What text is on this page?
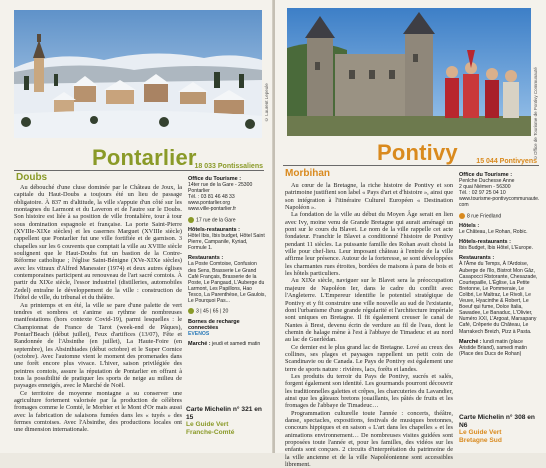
© Laurent Lepeule
Pontarlier
Doubs
18 033 Pontissaliens

Au débouché d'une cluse dominée par le Château de Joux, la capitale du Haut-Doubs a toujours été un lieu de passage obligatoire. À 837 m d'altitude, la ville s'appuie d'un côté sur les montagnes du Larmont et du Laveron et de l'autre sur le Doubs. Son histoire est liée à sa position de ville frontalière, tour à tour sous domination espagnole et française. La porte Saint-Pierre (XVIIIe-XIXe siècles) et les casernes Marguet (XVIIIe siècle) rappellent que Pontarlier fut une ville fortifiée et de garnison. 3 chapelles sur les 6 couvents que comptait la ville au XVIIIe siècle soulignent que le Haut-Doubs fut un bastion de la Contre-Réforme catholique ; l'église Saint-Bénigne (XVe-XIXe siècles) avec les vitraux d'Alfred Manessier (1974) et deux autres églises contemporaines participent au renouveau de l'art sacré comtois. À partir du XIXe siècle, l'essor industriel (distilleries, automobiles Zedel) entraîne le développement de la ville : construction de l'hôtel de ville, du tribunal et du théâtre.

Au printemps et en été, la ville se pare d'une palette de vert tendres et sombres et s'anime au rythme de nombreuses manifestations (hors contexte Covid-19), parmi lesquelles : le Championnat de France de Tarot (week-end de Pâques), Pontarl'Beach (début juillet), Feux d'artifices (13/07), Fête et Randonnée de l'Absinthe (en juillet), La Haute-Foire (en septembre), les Absinthiades (début octobre) et le Super Cornice (octobre). Avec l'automne vient le moment des promenades dans une forêt encore plus vivace. L'hiver, saison privilégiée des peintres comtois, assure la réputation de Pontarlier en offrant à tous la possibilité de pratiquer les sports de neige au milieu de paysages enneigés, avec le Marché de Noël.

Ce territoire de moyenne montagne a su conserver une agriculture fortement valorisée par la production de célèbres fromages comme le Comté, le Morbier et le Mont d'Or mais aussi avec la fabrication de salaisons fumées dans les « tuyés » des fermes comtoises. Avec l'Absinthe, des productions locales ont une dimension internationale.

Office du Tourisme :
14ter rue de la Gare - 25300
Pontarlier
Tél. : 03 81 46 48 33
www.pontarlier.org
www.ville-pontarlier.fr
17 rue de la Gare
Hôtels-restaurants :
Hôtel Ibis, Ibis budget, Hôtel Saint Pierre, Campanile, Kyriad, Formule 1.
Restaurants :
La Poste Comtoise, Confusion des Sens, Brasserie Le Grand Café Français, Brasserie de la Poste, Le Pangaud, L'Auberge du Larmont, Les Papillons, Hao Tesco, La Parenthèse, Le Gaulois, Le Pourquoi Pas...
3 | 45 | 65 | 20
Bornes de recharge connectées
EVENOS
Marché : jeudi et samedi matin
Carte Michelin n° 321 en 15
Le Guide Vert
Franche-Comté
©Office de Tourisme de Pontivy Communauté
Pontivy
Morbihan
15 044 Pontivyens

Au cœur de la Bretagne, la riche histoire de Pontivy et son patrimoine justifient son label « Pays d'art et d'histoire », ainsi que son intégration à l'itinéraire Culturel Européen « Destination Napoléon ».

La fondation de la ville au début du Moyen Âge serait en lien avec Ivy, moine venu de Grande Bretagne qui aurait aménagé un pont sur le cours du Blavet. Le nom de la ville rappelle cet acte fondateur. Franchir le Blavet a conditionné l'histoire de Pontivy pendant 11 siècles. La puissante famille des Rohan avait choisi la ville pour chef-lieu. Leur imposant château à l'entrée de la ville affirme leur présence. Autour de la forteresse, se sont développées les charmantes rues étroites, bordées de maisons à pans de bois et les hôtels particuliers.

Au XIXe siècle, naviguer sur le Blavet sera la préoccupation majeure de Napoléon Ier, dans le cadre du conflit avec l'Angleterre. L'Empereur identifie le potentiel stratégique de Pontivy et y fit construire une ville nouvelle au sud de l'existante, dont l'urbanisme d'une grande régularité et l'architecture impériale sont uniques en Bretagne. Il fit également creuser le canal de Nantes à Brest, devenu écrin de verdure au fil de l'eau, dont le chemin de halage mène à l'est à l'abbaye de Timadeuc et au nord au lac de Guerlédan.

Ce dernier est le plus grand lac de Bretagne. Lové au creux des collines, ses plages et paysages rappellent un petit coin de Scandinavie ou de Canada. Le Pays de Pontivy est également une terre de sports nature : rivières, lacs, forêts et landes.

Les produits du terroir du Pays de Pontivy, sucrés et salés, forgent également son identité. Les gourmands pourront découvrir les traditionnelles galettes et crêpes, les charcuteries du Lavandier, ainsi que les gâteaux bretons jouaillants, les pâtés de fruits et les fromages de l'abbaye de Timadeuc…

Programmation culturelle toute l'année : concerts, théâtre, danse, spectacles, expositions, festivals de musiques bretonnes, concours hippiques et en saison « L'art dans les chapelles » et les animations environnement… De nombreuses visites guidées sont proposées toute l'année et, pour les familles, des vidéos sur les enfants sont conçues. 2 circuits d'interprétation du patrimoine de la ville ancienne et de la ville Napoléonienne sont accessibles librement.

Office du Tourisme :
Penlche Duchesse Anne
2 quai Niémen - 56300
Tél. : 02 97 25 04 10
www.tourisme-pontivycommunaute.com
8 rue Friedland
Hôtels :
Le Château, Le Rohan, Robic.
Hôtels-restaurants :
Ibis Budget, Ibis Hôtel, L'Europe.
Restaurants :
À l'Âme du Temps, À l'Ardoise, Auberge de l'Ilo, Bistrot Mon Gâz, Casapocci Ristorante, Chesazade, Courtepaille, L'Église, La Petite Bretonne, Le Pommeraie, Le Colibri, Le Maltraz, Le Rivoli, Le Veuve, Hyacinthe & Robert, Le Boeuf qui fume, Dolce Italia, Sawadee, Le Banaduc, L'Olivier, Numéro XXI, L'Argoat, Marsapany Café, Crêperie du Château, Le Marrakech Breizh, Pizz à Pasta.
Marché : lundi matin (place Aristide Briand), samedi matin (Place des Ducs de Rohan)
Carte Michelin n° 308 en N6
Le Guide Vert
Bretagne Sud
